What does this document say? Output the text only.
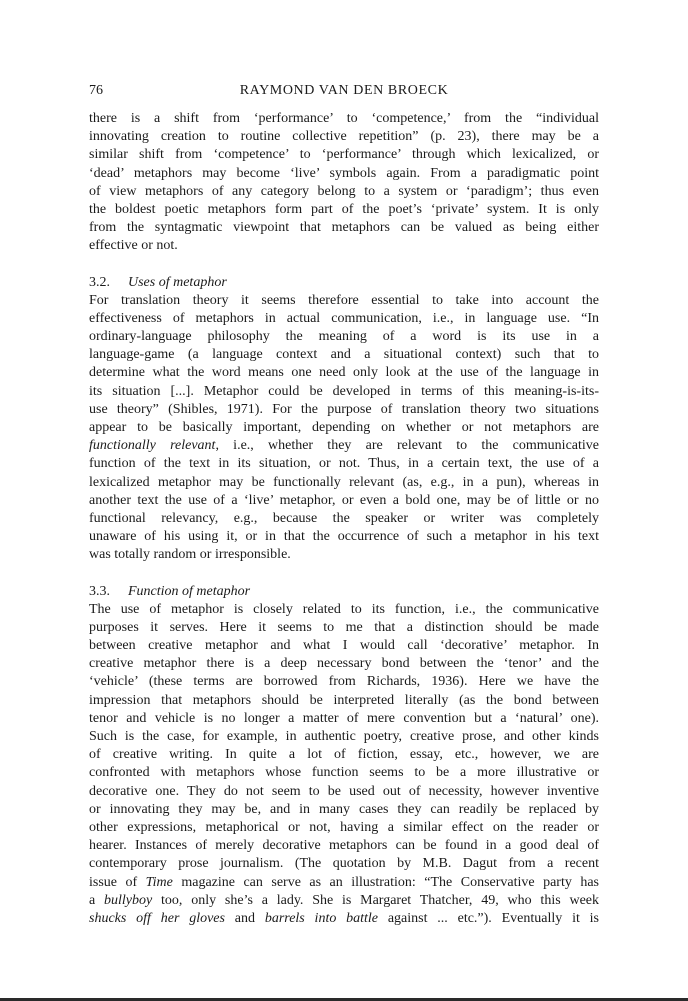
76	RAYMOND VAN DEN BROECK
there is a shift from ‘performance’ to ‘competence,’ from the “individual
innovating creation to routine collective repetition” (p. 23), there may be a
similar shift from ‘competence’ to ‘performance’ through which lexicalized, or
‘dead’ metaphors may become ‘live’ symbols again. From a paradigmatic point
of view metaphors of any category belong to a system or ‘paradigm’; thus even
the boldest poetic metaphors form part of the poet’s ‘private’ system. It is only
from the syntagmatic viewpoint that metaphors can be valued as being either
effective or not.
3.2. Uses of metaphor
For translation theory it seems therefore essential to take into account the
effectiveness of metaphors in actual communication, i.e., in language use. “In
ordinary-language philosophy the meaning of a word is its use in a
language-game (a language context and a situational context) such that to
determine what the word means one need only look at the use of the language in
its situation [...]. Metaphor could be developed in terms of this meaning-is-its-
use theory” (Shibles, 1971). For the purpose of translation theory two situations
appear to be basically important, depending on whether or not metaphors are
functionally relevant, i.e., whether they are relevant to the communicative
function of the text in its situation, or not. Thus, in a certain text, the use of a
lexicalized metaphor may be functionally relevant (as, e.g., in a pun), whereas in
another text the use of a ‘live’ metaphor, or even a bold one, may be of little or no
functional relevancy, e.g., because the speaker or writer was completely
unaware of his using it, or in that the occurrence of such a metaphor in his text
was totally random or irresponsible.
3.3. Function of metaphor
The use of metaphor is closely related to its function, i.e., the communicative
purposes it serves. Here it seems to me that a distinction should be made
between creative metaphor and what I would call ‘decorative’ metaphor. In
creative metaphor there is a deep necessary bond between the ‘tenor’ and the
‘vehicle’ (these terms are borrowed from Richards, 1936). Here we have the
impression that metaphors should be interpreted literally (as the bond between
tenor and vehicle is no longer a matter of mere convention but a ‘natural’ one).
Such is the case, for example, in authentic poetry, creative prose, and other kinds
of creative writing. In quite a lot of fiction, essay, etc., however, we are
confronted with metaphors whose function seems to be a more illustrative or
decorative one. They do not seem to be used out of necessity, however inventive
or innovating they may be, and in many cases they can readily be replaced by
other expressions, metaphorical or not, having a similar effect on the reader or
hearer. Instances of merely decorative metaphors can be found in a good deal of
contemporary prose journalism. (The quotation by M.B. Dagut from a recent
issue of Time magazine can serve as an illustration: “The Conservative party has
a bullyboy too, only she’s a lady. She is Margaret Thatcher, 49, who this week
shucks off her gloves and barrels into battle against ... etc.”). Eventually it is
